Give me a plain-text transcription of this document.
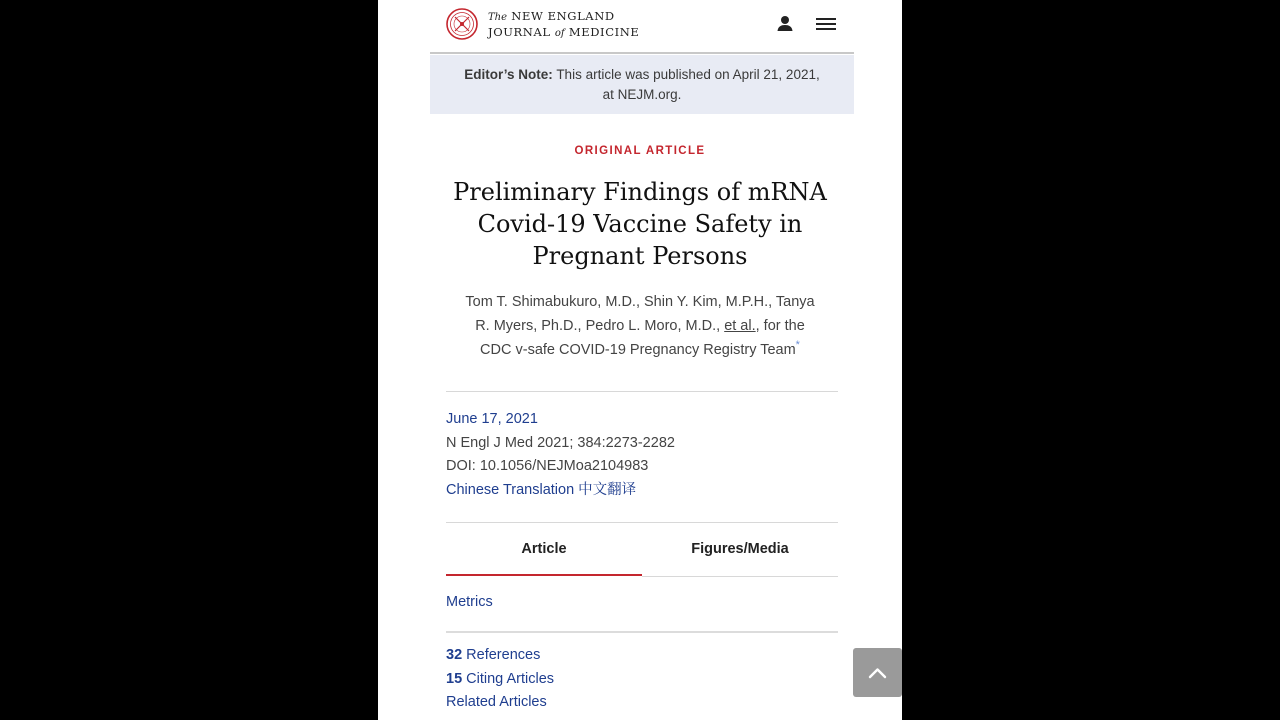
The NEW ENGLAND
JOURNAL of MEDICINE
Editor’s Note: This article was published on April 21, 2021,
at NEJM.org.
ORIGINAL ARTICLE
Preliminary Findings of mRNA
Covid-19 Vaccine Safety in
Pregnant Persons
Tom T. Shimabukuro, M.D., Shin Y. Kim, M.P.H., Tanya
R. Myers, Ph.D., Pedro L. Moro, M.D., et al., for the
CDC v-safe COVID-19 Pregnancy Registry Team*
June 17, 2021
N Engl J Med 2021; 384:2273-2282
DOI: 10.1056/NEJMoa2104983
Chinese Translation 中文翻译
Article	Figures/Media
Metrics
32 References
15 Citing Articles
Related Articles
